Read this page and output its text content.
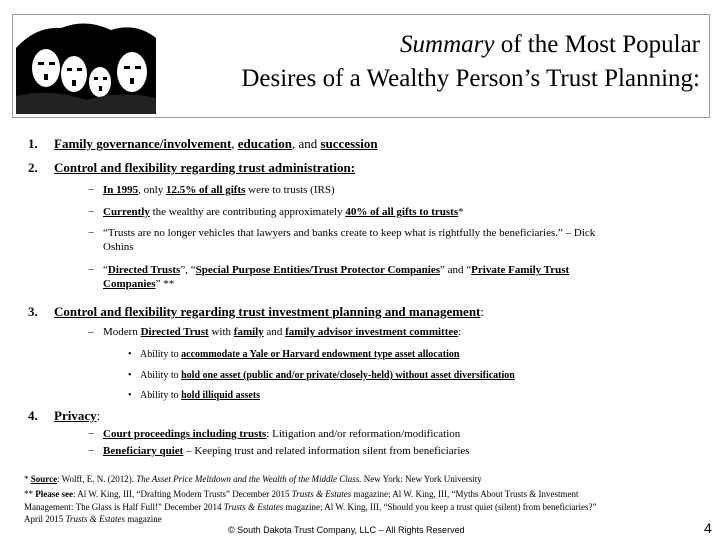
Summary of the Most Popular
Desires of a Wealthy Person’s Trust Planning:
1. Family governance/involvement, education, and succession
2. Control and flexibility regarding trust administration:
− In 1995, only 12.5% of all gifts were to trusts (IRS)
− Currently the wealthy are contributing approximately 40% of all gifts to trusts*
− “Trusts are no longer vehicles that lawyers and banks create to keep what is rightfully the beneficiaries.” – Dick
Oshins
− “Directed Trusts”, “Special Purpose Entities/Trust Protector Companies” and “Private Family Trust
Companies” **
3. Control and flexibility regarding trust investment planning and management:
– Modern Directed Trust with family and family advisor investment committee:
• Ability to accommodate a Yale or Harvard endowment type asset allocation
• Ability to hold one asset (public and/or private/closely-held) without asset diversification
• Ability to hold illiquid assets
4. Privacy:
− Court proceedings including trusts: Litigation and/or reformation/modification
− Beneficiary quiet – Keeping trust and related information silent from beneficiaries
* Source: Wolff, E. N. (2012). The Asset Price Meltdown and the Wealth of the Middle Class. New York: New York University
** Please see: Al W. King, III, “Drafting Modern Trusts” December 2015 Trusts & Estates magazine; Al W. King, III, “Myths About Trusts & Investment
Management: The Glass is Half Full!” December 2014 Trusts & Estates magazine; Al W. King, III, “Should you keep a trust quiet (silent) from beneficiaries?”
April 2015 Trusts & Estates magazine
© South Dakota Trust Company, LLC – All Rights Reserved	4
